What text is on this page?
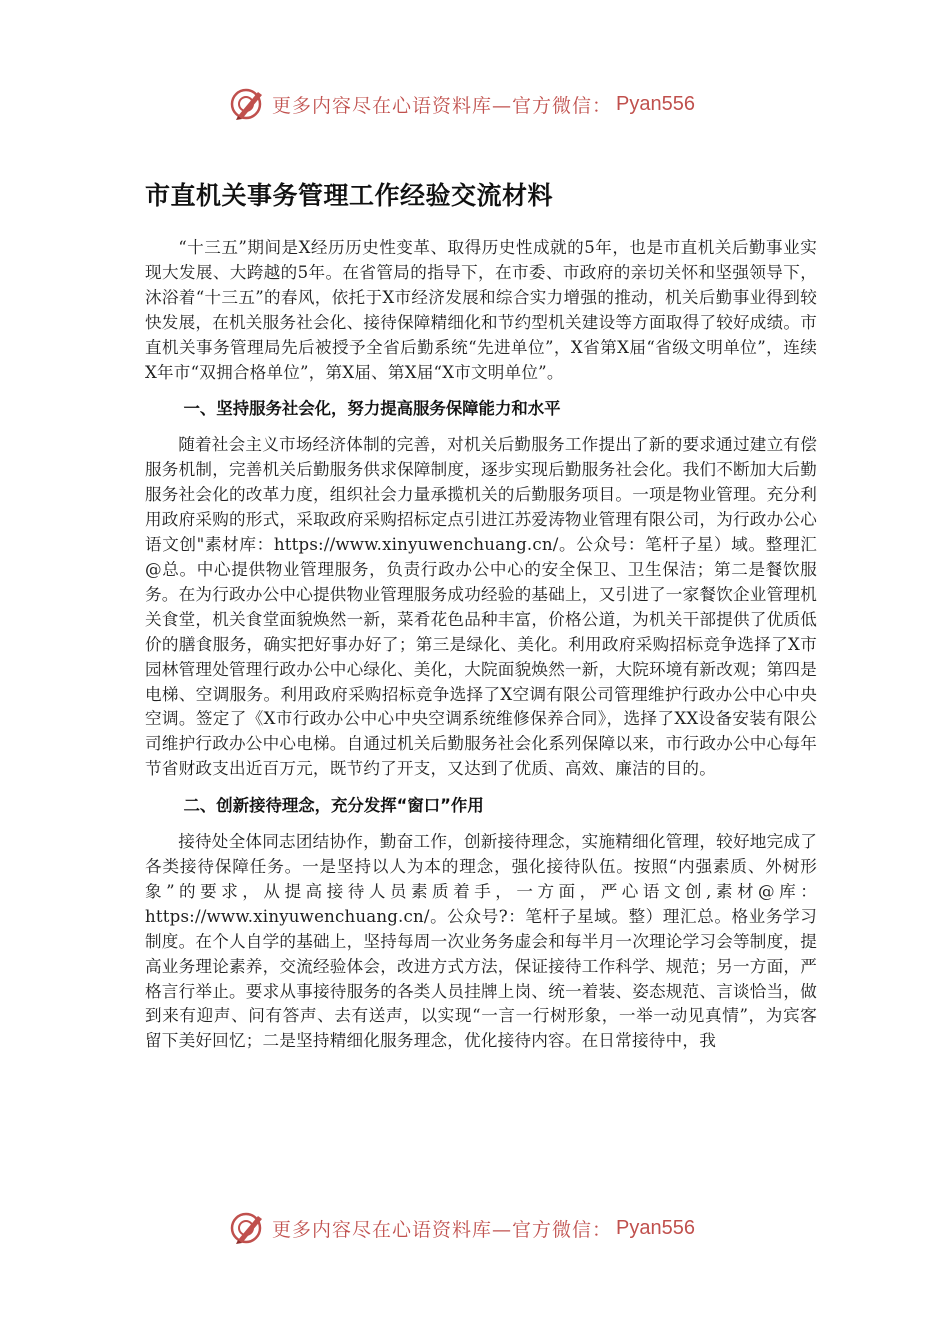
更多内容尽在心语资料库—官方微信： Pyan556
市直机关事务管理工作经验交流材料

“十三五”期间是X经历历史性变革、取得历史性成就的5年，也是市直机关后勤事业实现大发展、大跨越的5年。在省管局的指导下，在市委、市政府的亲切关怀和坚强领导下，沐浴着“十三五”的春风，依托于X市经济发展和综合实力增强的推动，机关后勤事业得到较快发展，在机关服务社会化、接待保障精细化和节约型机关建设等方面取得了较好成绩。市直机关事务管理局先后被授予全省后勤系统“先进单位”，X省第X届“省级文明单位”，连续X年市“双拥合格单位”，第X届、第X届“X市文明单位”。

一、坚持服务社会化，努力提高服务保障能力和水平

随着社会主义市场经济体制的完善，对机关后勤服务工作提出了新的要求通过建立有偿服务机制，完善机关后勤服务供求保障制度，逐步实现后勤服务社会化。我们不断加大后勤服务社会化的改革力度，组织社会力量承揽机关的后勤服务项目。一项是物业管理。充分利用政府采购的形式，采取政府采购招标定点引进江苏爱涛物业管理有限公司，为行政办公心语文创"素材库：https://www.xinyuwenchuang.cn/。公众号：笔杆子星）域。整理汇@总。中心提供物业管理服务，负责行政办公中心的安全保卫、卫生保洁；第二是餐饮服务。在为行政办公中心提供物业管理服务成功经验的基础上，又引进了一家餐饮企业管理机关食堂，机关食堂面貌焕然一新，菜肴花色品种丰富，价格公道，为机关干部提供了优质低价的膳食服务，确实把好事办好了；第三是绿化、美化。利用政府采购招标竞争选择了X市园林管理处管理行政办公中心绿化、美化，大院面貌焕然一新，大院环境有新改观；第四是电梯、空调服务。利用政府采购招标竞争选择了X空调有限公司管理维护行政办公中心中央空调。签定了《X市行政办公中心中央空调系统维修保养合同》，选择了XX设备安装有限公司维护行政办公中心电梯。自通过机关后勤服务社会化系列保障以来，市行政办公中心每年节省财政支出近百万元，既节约了开支，又达到了优质、高效、廉洁的目的。

二、创新接待理念，充分发挥“窗口”作用

接待处全体同志团结协作，勤奋工作，创新接待理念，实施精细化管理，较好地完成了各类接待保障任务。一是坚持以人为本的理念，强化接待队伍。按照“内强素质、外树形象”的要求，从提高接待人员素质着手，一方面，严心语文创,素材@库：https://www.xinyuwenchuang.cn/。公众号?：笔杆子星域。整）理汇总。格业务学习制度。在个人自学的基础上，坚持每周一次业务务虚会和每半月一次理论学习会等制度，提高业务理论素养，交流经验体会，改进方式方法，保证接待工作科学、规范；另一方面，严格言行举止。要求从事接待服务的各类人员挂牌上岗、统一着装、姿态规范、言谈恰当，做到来有迎声、问有答声、去有送声，以实现“一言一行树形象，一举一动见真情”，为宾客留下美好回忆；二是坚持精细化服务理念，优化接待内容。在日常接待中，我

更多内容尽在心语资料库—官方微信： Pyan556
